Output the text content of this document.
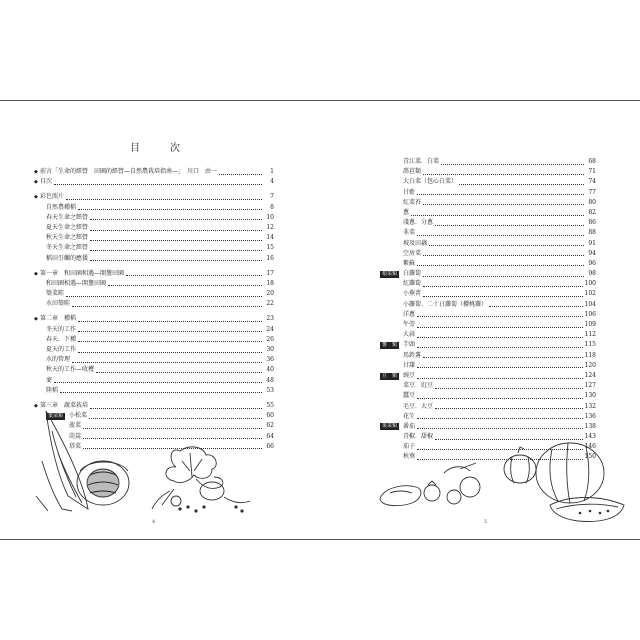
目　次
◆ 前言「生命的經營　田園的經營—自然農栽培指南—」　川口　由一	1
◆ 目次	4
◆ 彩色照片	7
自然農種稻	8
春天生命之經營	10
夏天生命之經營	12
秋天生命之經營	14
冬天生命之經營	15
稻田引觸的應援	16
◆ 第一章　和田園相遇—開墾田園	17
和田園相遇—開墾田園	18
築菜畦	20
水田築畦	22
◆ 第二章　種稻	23
冬天的工作	24
春天．下種	26
夏天的工作	30
水的管理	36
秋天的工作—收穫	40
麥	48
陸稻	53
◆ 第三章　蔬菜栽培	55
葉菜類	小松菜	60
菠菜	62
茼蒿	64
塔菜	66
4
青江菜．白菜	68
萵苣類	71
大白菜（包心白菜）	74
甘藍	77
紅菜苔	80
蔥	82
淺蔥．分蔥	86
韭菜	88
坡及田藕	91
空房菜	94
紫蘇	96
根菜類	白蘿蔔	98
紅蘿蔔	100
小蕪菁	102
小蘿蔔、二十日蘿蔔（櫻桃蘿）	104
洋蔥	106
牛蒡	109
大蒜	112
薯　類	芋頭	115
馬鈴薯	118
甘藷	120
豆　類	豌豆	124
菜豆．豇豆	127
蠶豆	130
毛豆．大豆	132
花生	136
果菜類	番茄	138
青椒．甜椒	143
茄子	146
秋葵	150
5
